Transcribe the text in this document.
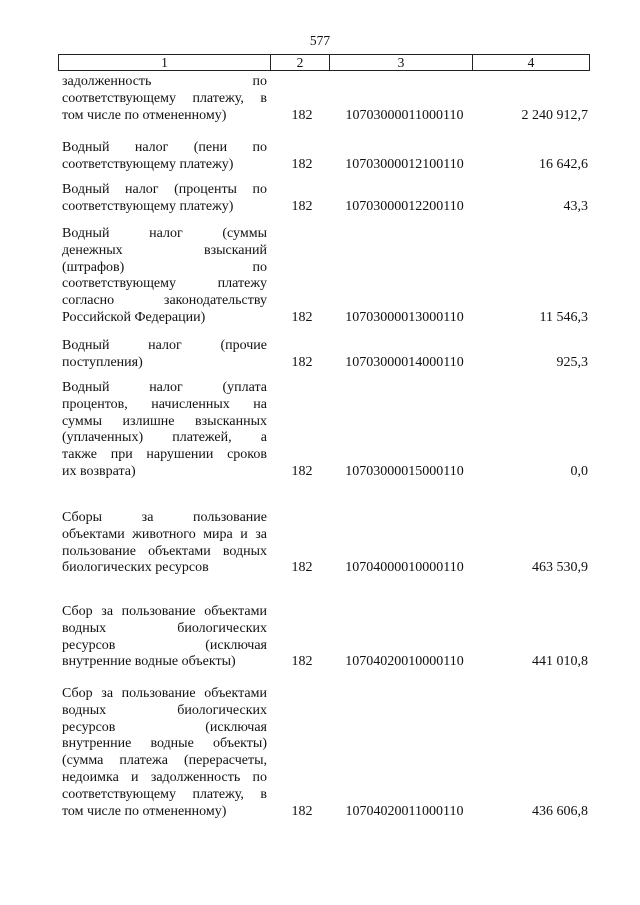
577
1	2	3	4
задолженность по
соответствующему платежу, в
том числе по отмененному)	182	10703000011000110	2 240 912,7
Водный налог (пени по
соответствующему платежу)	182	10703000012100110	16 642,6
Водный налог (проценты по
соответствующему платежу)	182	10703000012200110	43,3
Водный налог (суммы
денежных взысканий
(штрафов) по
соответствующему платежу
согласно законодательству
Российской Федерации)	182	10703000013000110	11 546,3
Водный налог (прочие
поступления)	182	10703000014000110	925,3
Водный налог (уплата
процентов, начисленных на
суммы излишне взысканных
(уплаченных) платежей, а
также при нарушении сроков
их возврата)	182	10703000015000110	0,0
Сборы за пользование
объектами животного мира и за
пользование объектами водных
биологических ресурсов	182	10704000010000110	463 530,9
Сбор за пользование объектами
водных биологических
ресурсов (исключая
внутренние водные объекты)	182	10704020010000110	441 010,8
Сбор за пользование объектами
водных биологических
ресурсов (исключая
внутренние водные объекты)
(сумма платежа (перерасчеты,
недоимка и задолженность по
соответствующему платежу, в
том числе по отмененному)	182	10704020011000110	436 606,8
